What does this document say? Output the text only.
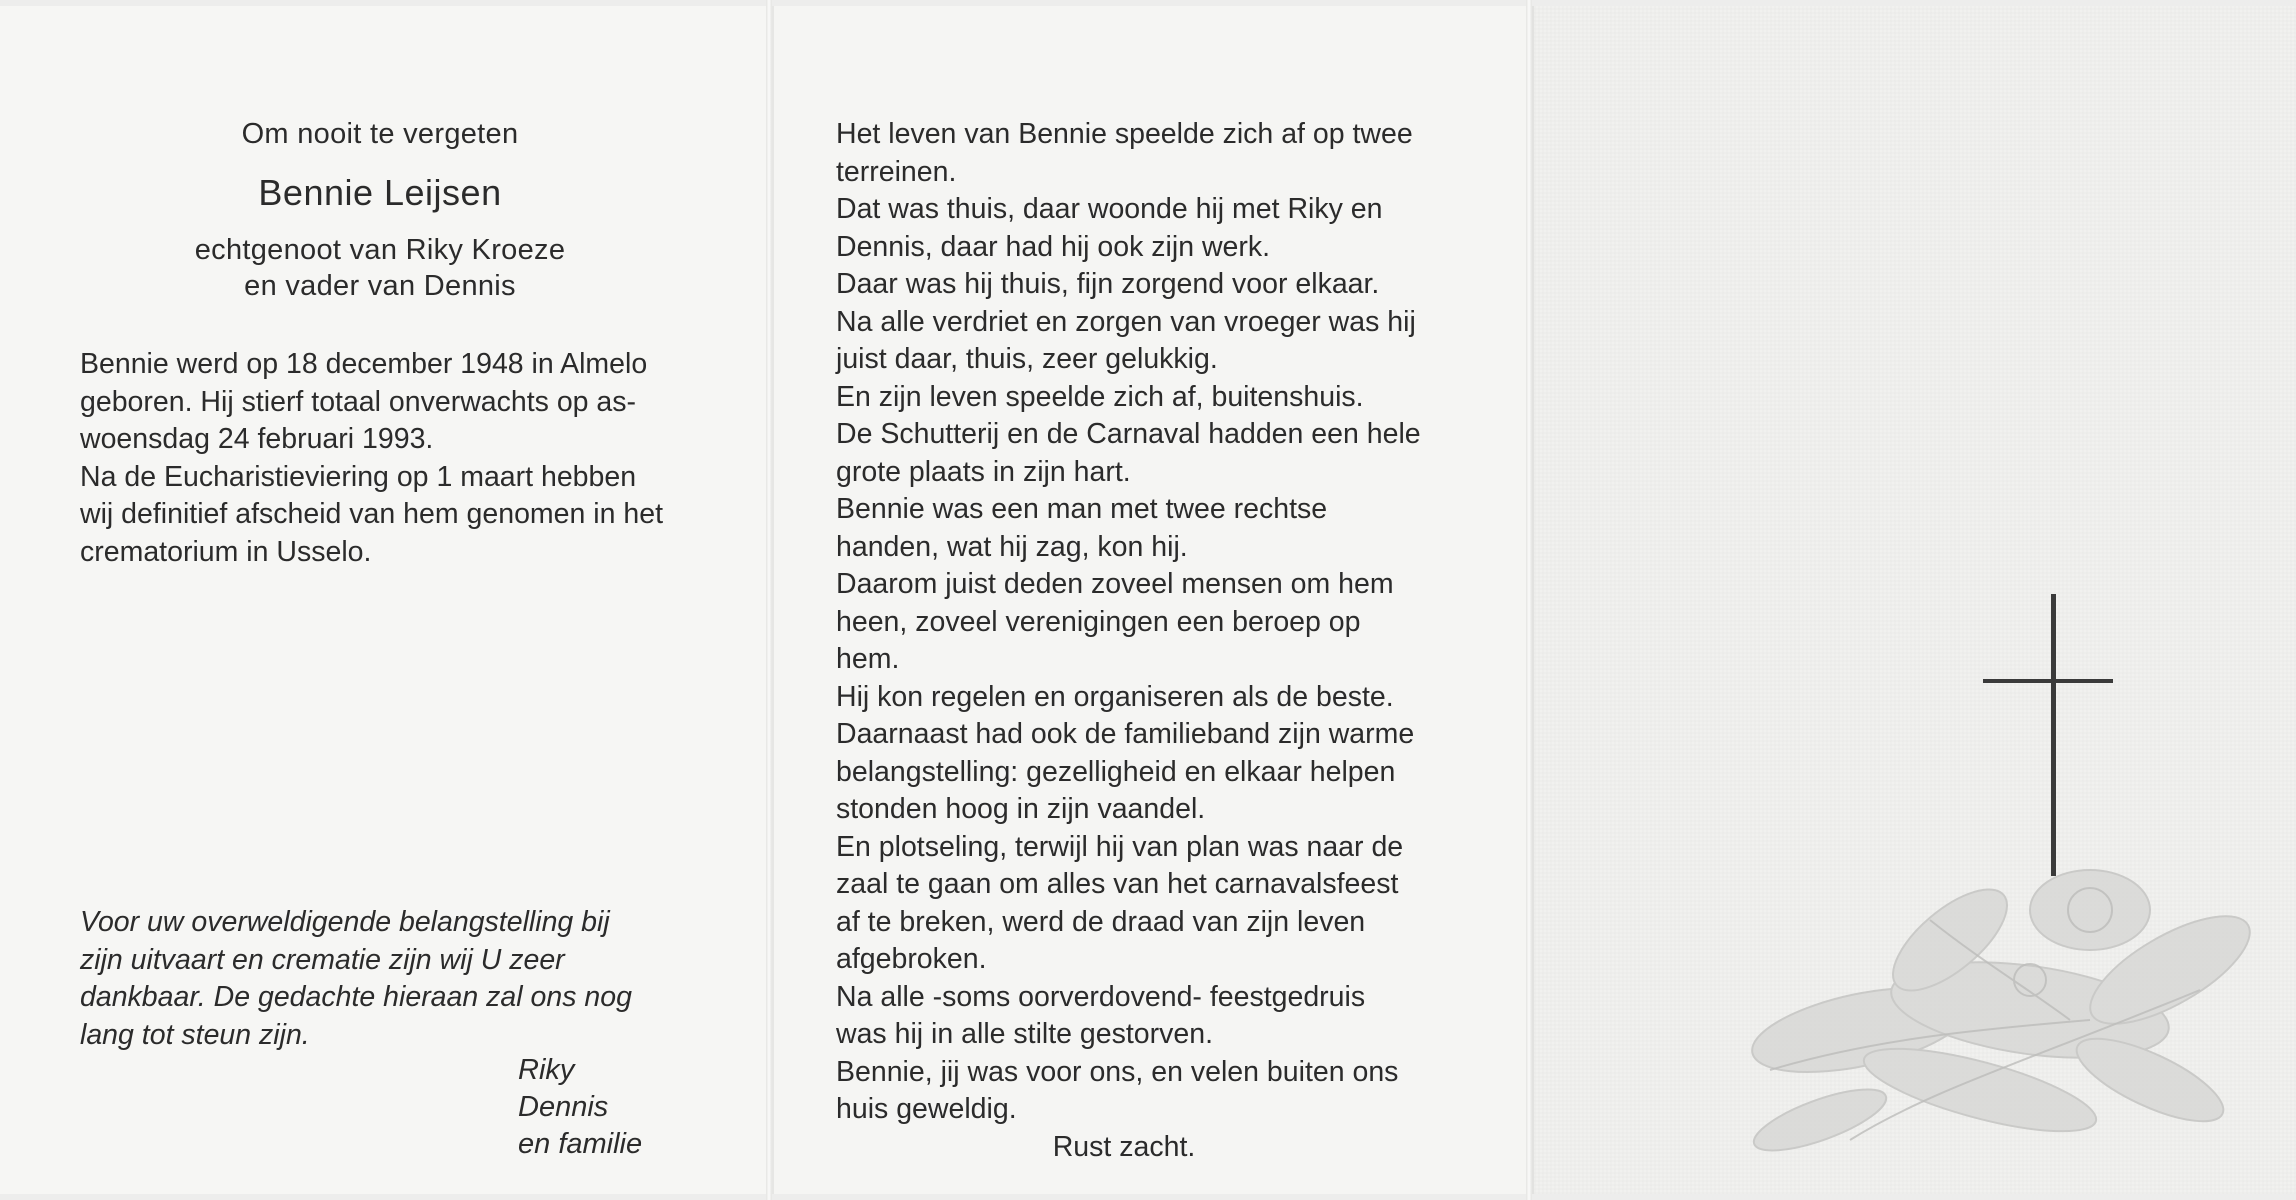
Om nooit te vergeten
Bennie Leijsen
echtgenoot van Riky Kroeze
en vader van Dennis
Bennie werd op 18 december 1948 in Almelo
geboren. Hij stierf totaal onverwachts op as-
woensdag 24 februari 1993.
Na de Eucharistieviering op 1 maart hebben
wij definitief afscheid van hem genomen in het
crematorium in Usselo.
Voor uw overweldigende belangstelling bij
zijn uitvaart en crematie zijn wij U zeer
dankbaar. De gedachte hieraan zal ons nog
lang tot steun zijn.
Riky
Dennis
en familie
Het leven van Bennie speelde zich af op twee
terreinen.
Dat was thuis, daar woonde hij met Riky en
Dennis, daar had hij ook zijn werk.
Daar was hij thuis, fijn zorgend voor elkaar.
Na alle verdriet en zorgen van vroeger was hij
juist daar, thuis, zeer gelukkig.
En zijn leven speelde zich af, buitenshuis.
De Schutterij en de Carnaval hadden een hele
grote plaats in zijn hart.
Bennie was een man met twee rechtse
handen, wat hij zag, kon hij.
Daarom juist deden zoveel mensen om hem
heen, zoveel verenigingen een beroep op
hem.
Hij kon regelen en organiseren als de beste.
Daarnaast had ook de familieband zijn warme
belangstelling: gezelligheid en elkaar helpen
stonden hoog in zijn vaandel.
En plotseling, terwijl hij van plan was naar de
zaal te gaan om alles van het carnavalsfeest
af te breken, werd de draad van zijn leven
afgebroken.
Na alle -soms oorverdovend- feestgedruis
was hij in alle stilte gestorven.
Bennie, jij was voor ons, en velen buiten ons
huis geweldig.
Rust zacht.
